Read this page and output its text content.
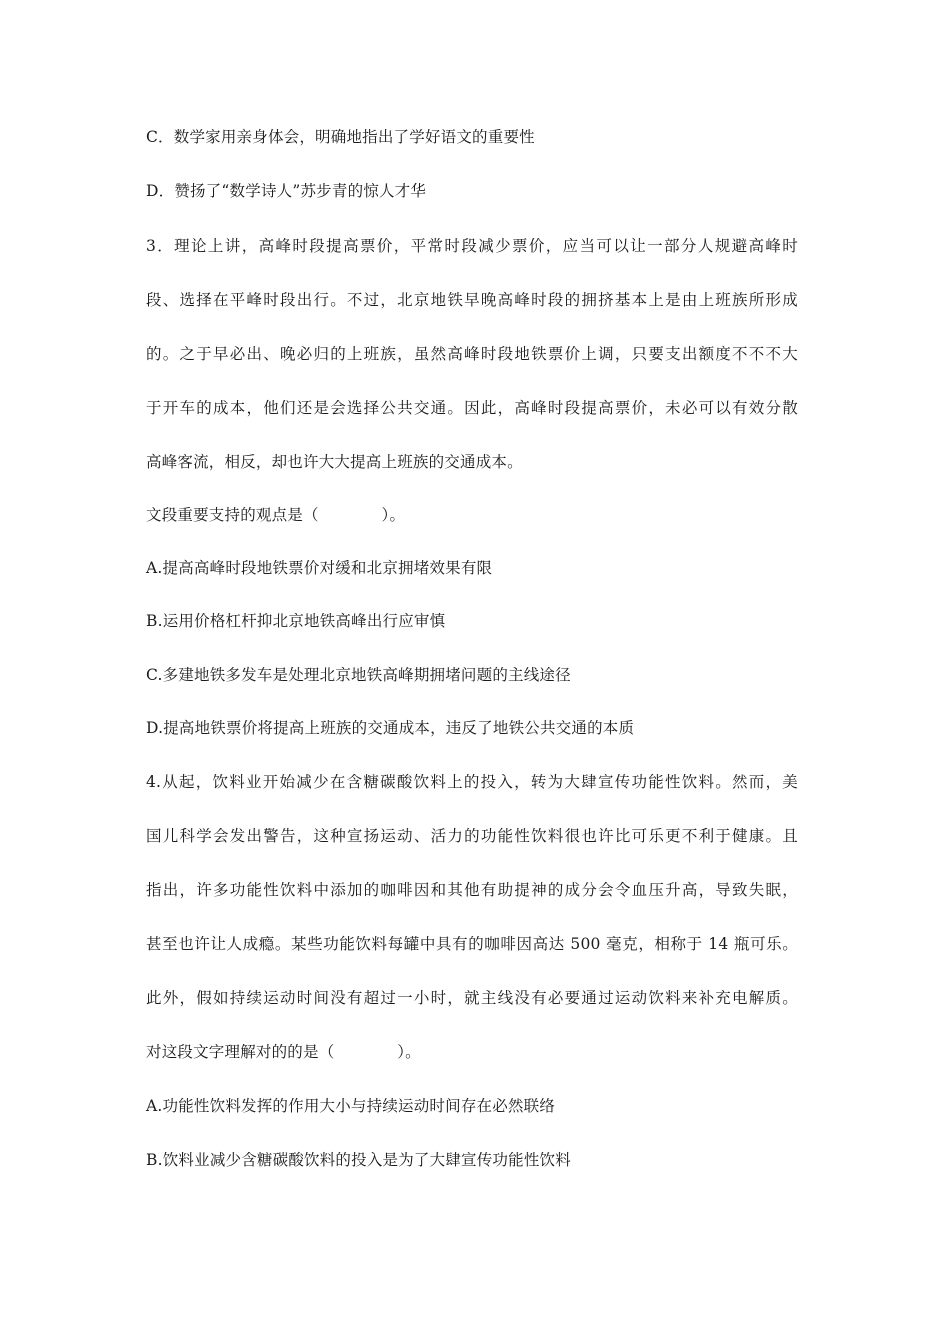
C．数学家用亲身体会，明确地指出了学好语文的重要性
D．赞扬了“数学诗人”苏步青的惊人才华
3．理论上讲，高峰时段提高票价，平常时段减少票价，应当可以让一部分人规避高峰时
段、选择在平峰时段出行。不过，北京地铁早晚高峰时段的拥挤基本上是由上班族所形成
的。之于早必出、晚必归的上班族，虽然高峰时段地铁票价上调，只要支出额度不不不大
于开车的成本，他们还是会选择公共交通。因此，高峰时段提高票价，未必可以有效分散
高峰客流，相反，却也许大大提高上班族的交通成本。
文段重要支持的观点是（　　　　）。
A.提高高峰时段地铁票价对缓和北京拥堵效果有限
B.运用价格杠杆抑北京地铁高峰出行应审慎
C.多建地铁多发车是处理北京地铁高峰期拥堵问题的主线途径
D.提高地铁票价将提高上班族的交通成本，违反了地铁公共交通的本质
4.从起，饮料业开始减少在含糖碳酸饮料上的投入，转为大肆宣传功能性饮料。然而，美
国儿科学会发出警告，这种宣扬运动、活力的功能性饮料很也许比可乐更不利于健康。且
指出，许多功能性饮料中添加的咖啡因和其他有助提神的成分会令血压升高，导致失眠，
甚至也许让人成瘾。某些功能饮料每罐中具有的咖啡因高达 500 毫克，相称于 14 瓶可乐。
此外，假如持续运动时间没有超过一小时，就主线没有必要通过运动饮料来补充电解质。
对这段文字理解对的的是（　　　　）。
A.功能性饮料发挥的作用大小与持续运动时间存在必然联络
B.饮料业减少含糖碳酸饮料的投入是为了大肆宣传功能性饮料
